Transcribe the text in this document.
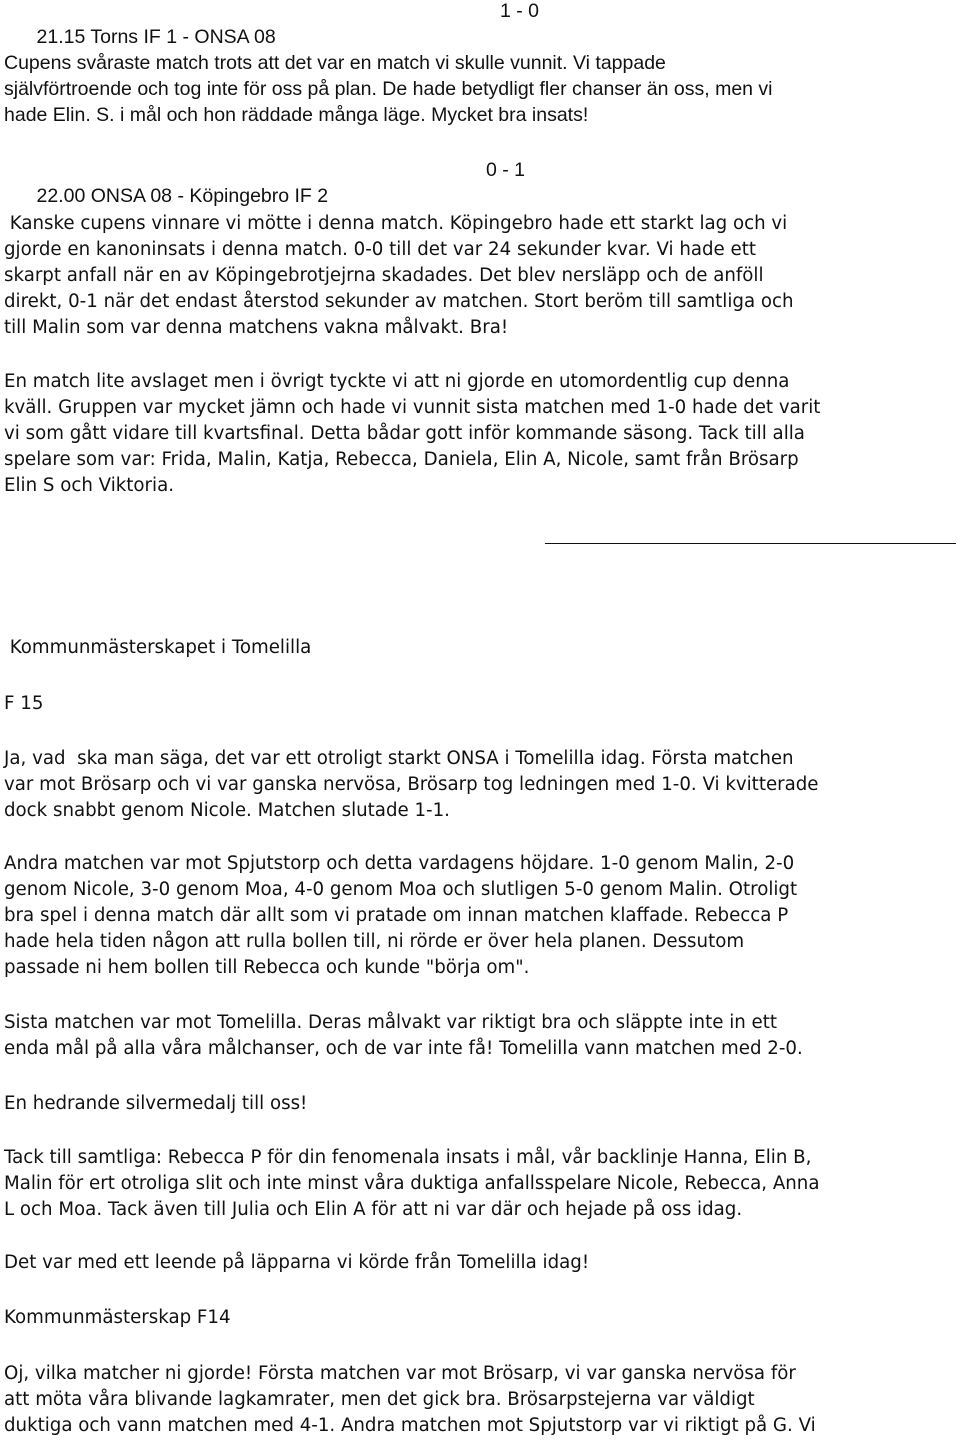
21.15 Torns IF 1 - ONSA 08

1 - 0

Cupens svåraste match trots att det var en match vi skulle vunnit. Vi tappade
självförtroende och tog inte för oss på plan. De hade betydligt fler chanser än oss, men vi
hade Elin. S. i mål och hon räddade många läge. Mycket bra insats!

22.00 ONSA 08 - Köpingebro IF 2

0 - 1

Kanske cupens vinnare vi mötte i denna match. Köpingebro hade ett starkt lag och vi
gjorde en kanoninsats i denna match. 0-0 till det var 24 sekunder kvar. Vi hade ett
skarpt anfall när en av Köpingebrotjejrna skadades. Det blev nersläpp och de anföll
direkt, 0-1 när det endast återstod sekunder av matchen. Stort beröm till samtliga och
till Malin som var denna matchens vakna målvakt. Bra!
En match lite avslaget men i övrigt tyckte vi att ni gjorde en utomordentlig cup denna
kväll. Gruppen var mycket jämn och hade vi vunnit sista matchen med 1-0 hade det varit
vi som gått vidare till kvartsfinal. Detta bådar gott inför kommande säsong. Tack till alla
spelare som var: Frida, Malin, Katja, Rebecca, Daniela, Elin A, Nicole, samt från Brösarp
Elin S och Viktoria.
Kommunmästerskapet i Tomelilla
F 15
Ja, vad  ska man säga, det var ett otroligt starkt ONSA i Tomelilla idag. Första matchen
var mot Brösarp och vi var ganska nervösa, Brösarp tog ledningen med 1-0. Vi kvitterade
dock snabbt genom Nicole. Matchen slutade 1-1.
Andra matchen var mot Spjutstorp och detta vardagens höjdare. 1-0 genom Malin, 2-0
genom Nicole, 3-0 genom Moa, 4-0 genom Moa och slutligen 5-0 genom Malin. Otroligt
bra spel i denna match där allt som vi pratade om innan matchen klaffade. Rebecca P
hade hela tiden någon att rulla bollen till, ni rörde er över hela planen. Dessutom
passade ni hem bollen till Rebecca och kunde "börja om".
Sista matchen var mot Tomelilla. Deras målvakt var riktigt bra och släppte inte in ett
enda mål på alla våra målchanser, och de var inte få! Tomelilla vann matchen med 2-0.
En hedrande silvermedalj till oss!
Tack till samtliga: Rebecca P för din fenomenala insats i mål, vår backlinje Hanna, Elin B,
Malin för ert otroliga slit och inte minst våra duktiga anfallsspelare Nicole, Rebecca, Anna
L och Moa. Tack även till Julia och Elin A för att ni var där och hejade på oss idag.
Det var med ett leende på läpparna vi körde från Tomelilla idag!
Kommunmästerskap F14
Oj, vilka matcher ni gjorde! Första matchen var mot Brösarp, vi var ganska nervösa för
att möta våra blivande lagkamrater, men det gick bra. Brösarpstejerna var väldigt
duktiga och vann matchen med 4-1. Andra matchen mot Spjutstorp var vi riktigt på G. Vi
